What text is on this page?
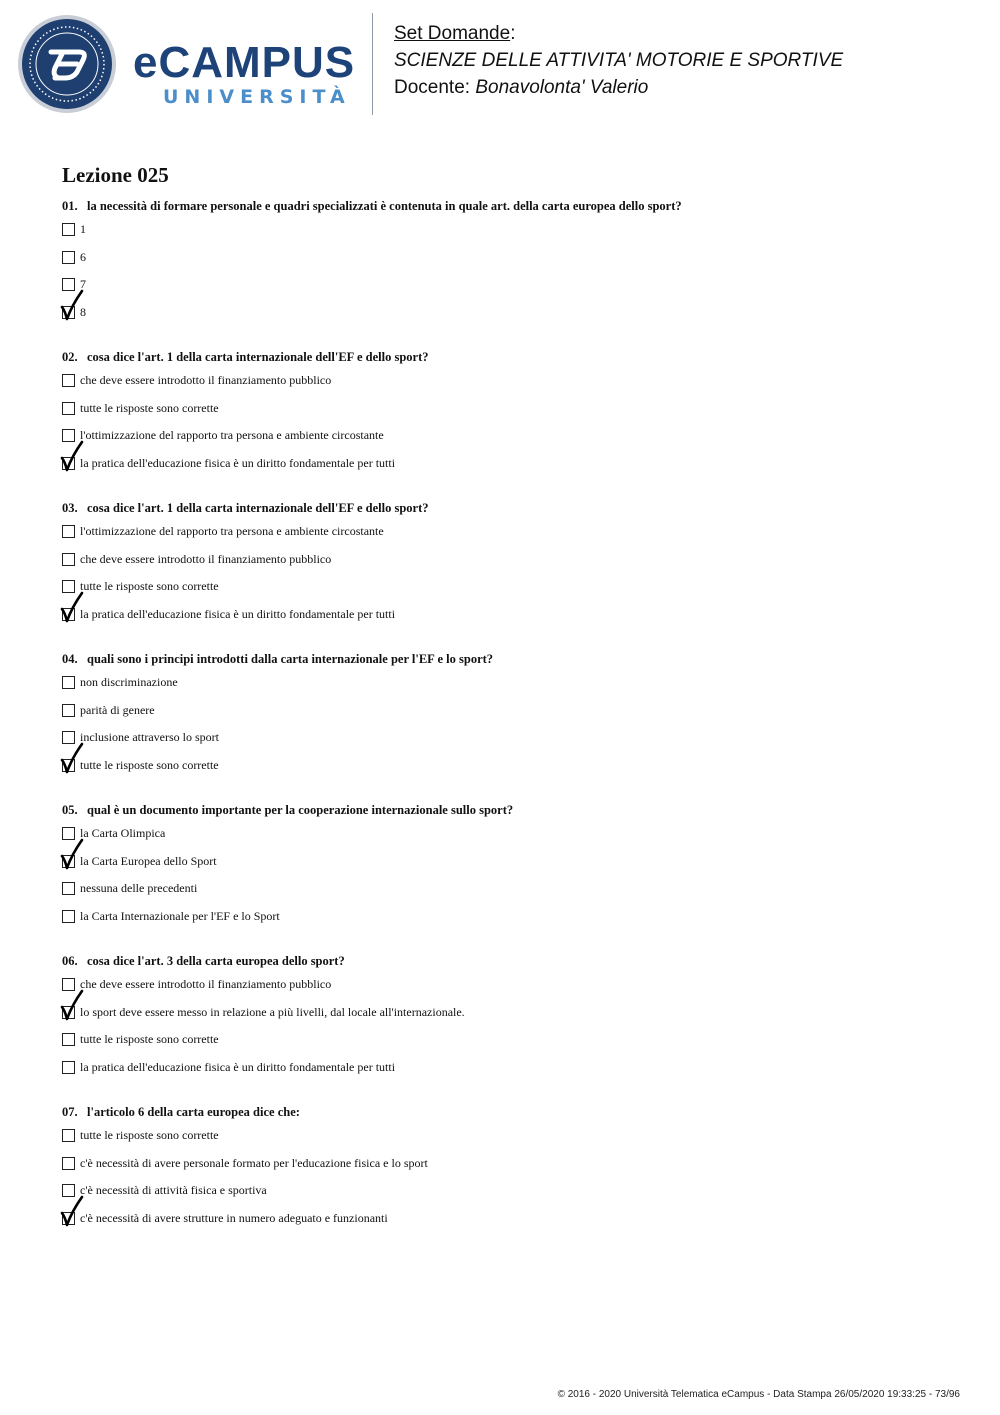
eCAMPUS
UNIVERSITÀ
Set Domande:
SCIENZE DELLE ATTIVITA' MOTORIE E SPORTIVE
Docente: Bonavolonta' Valerio
Lezione 025
01. la necessità di formare personale e quadri specializzati è contenuta in quale art. della carta europea dello sport?
1
6
7
8
02. cosa dice l'art. 1 della carta internazionale dell'EF e dello sport?
che deve essere introdotto il finanziamento pubblico
tutte le risposte sono corrette
l'ottimizzazione del rapporto tra persona e ambiente circostante
la pratica dell'educazione fisica è un diritto fondamentale per tutti
03. cosa dice l'art. 1 della carta internazionale dell'EF e dello sport?
l'ottimizzazione del rapporto tra persona e ambiente circostante
che deve essere introdotto il finanziamento pubblico
tutte le risposte sono corrette
la pratica dell'educazione fisica è un diritto fondamentale per tutti
04. quali sono i principi introdotti dalla carta internazionale per l'EF e lo sport?
non discriminazione
parità di genere
inclusione attraverso lo sport
tutte le risposte sono corrette
05. qual è un documento importante per la cooperazione internazionale sullo sport?
la Carta Olimpica
la Carta Europea dello Sport
nessuna delle precedenti
la Carta Internazionale per l'EF e lo Sport
06. cosa dice l'art. 3 della carta europea dello sport?
che deve essere introdotto il finanziamento pubblico
lo sport deve essere messo in relazione a più livelli, dal locale all'internazionale.
tutte le risposte sono corrette
la pratica dell'educazione fisica è un diritto fondamentale per tutti
07. l'articolo 6 della carta europea dice che:
tutte le risposte sono corrette
c'è necessità di avere personale formato per l'educazione fisica e lo sport
c'è necessità di attività fisica e sportiva
c'è necessità di avere strutture in numero adeguato e funzionanti
© 2016 - 2020 Università Telematica eCampus - Data Stampa 26/05/2020 19:33:25 - 73/96
